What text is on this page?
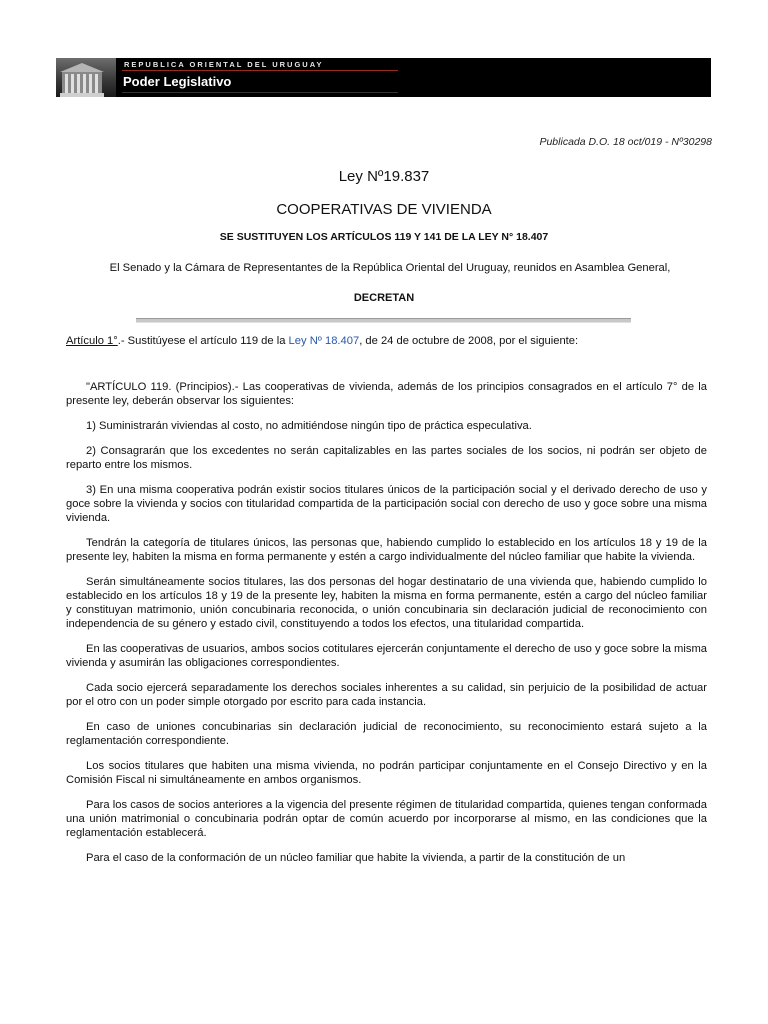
REPUBLICA ORIENTAL DEL URUGUAY
Poder Legislativo
Publicada D.O. 18 oct/019 - Nº30298
Ley Nº19.837
COOPERATIVAS DE VIVIENDA
SE SUSTITUYEN LOS ARTÍCULOS 119 Y 141 DE LA LEY N° 18.407
El Senado y la Cámara de Representantes de la República Oriental del Uruguay, reunidos en Asamblea General,
DECRETAN
Artículo 1°.- Sustitúyese el artículo 119 de la Ley Nº 18.407, de 24 de octubre de 2008, por el siguiente:

"ARTÍCULO 119. (Principios).- Las cooperativas de vivienda, además de los principios consagrados en el artículo 7° de la presente ley, deberán observar los siguientes:

1) Suministrarán viviendas al costo, no admitiéndose ningún tipo de práctica especulativa.

2) Consagrarán que los excedentes no serán capitalizables en las partes sociales de los socios, ni podrán ser objeto de reparto entre los mismos.

3) En una misma cooperativa podrán existir socios titulares únicos de la participación social y el derivado derecho de uso y goce sobre la vivienda y socios con titularidad compartida de la participación social con derecho de uso y goce sobre una misma vivienda.

Tendrán la categoría de titulares únicos, las personas que, habiendo cumplido lo establecido en los artículos 18 y 19 de la presente ley, habiten la misma en forma permanente y estén a cargo individualmente del núcleo familiar que habite la vivienda.

Serán simultáneamente socios titulares, las dos personas del hogar destinatario de una vivienda que, habiendo cumplido lo establecido en los artículos 18 y 19 de la presente ley, habiten la misma en forma permanente, estén a cargo del núcleo familiar y constituyan matrimonio, unión concubinaria reconocida, o unión concubinaria sin declaración judicial de reconocimiento con independencia de su género y estado civil, constituyendo a todos los efectos, una titularidad compartida.

En las cooperativas de usuarios, ambos socios cotitulares ejercerán conjuntamente el derecho de uso y goce sobre la misma vivienda y asumirán las obligaciones correspondientes.

Cada socio ejercerá separadamente los derechos sociales inherentes a su calidad, sin perjuicio de la posibilidad de actuar por el otro con un poder simple otorgado por escrito para cada instancia.

En caso de uniones concubinarias sin declaración judicial de reconocimiento, su reconocimiento estará sujeto a la reglamentación correspondiente.

Los socios titulares que habiten una misma vivienda, no podrán participar conjuntamente en el Consejo Directivo y en la Comisión Fiscal ni simultáneamente en ambos organismos.

Para los casos de socios anteriores a la vigencia del presente régimen de titularidad compartida, quienes tengan conformada una unión matrimonial o concubinaria podrán optar de común acuerdo por incorporarse al mismo, en las condiciones que la reglamentación establecerá.

Para el caso de la conformación de un núcleo familiar que habite la vivienda, a partir de la constitución de un
